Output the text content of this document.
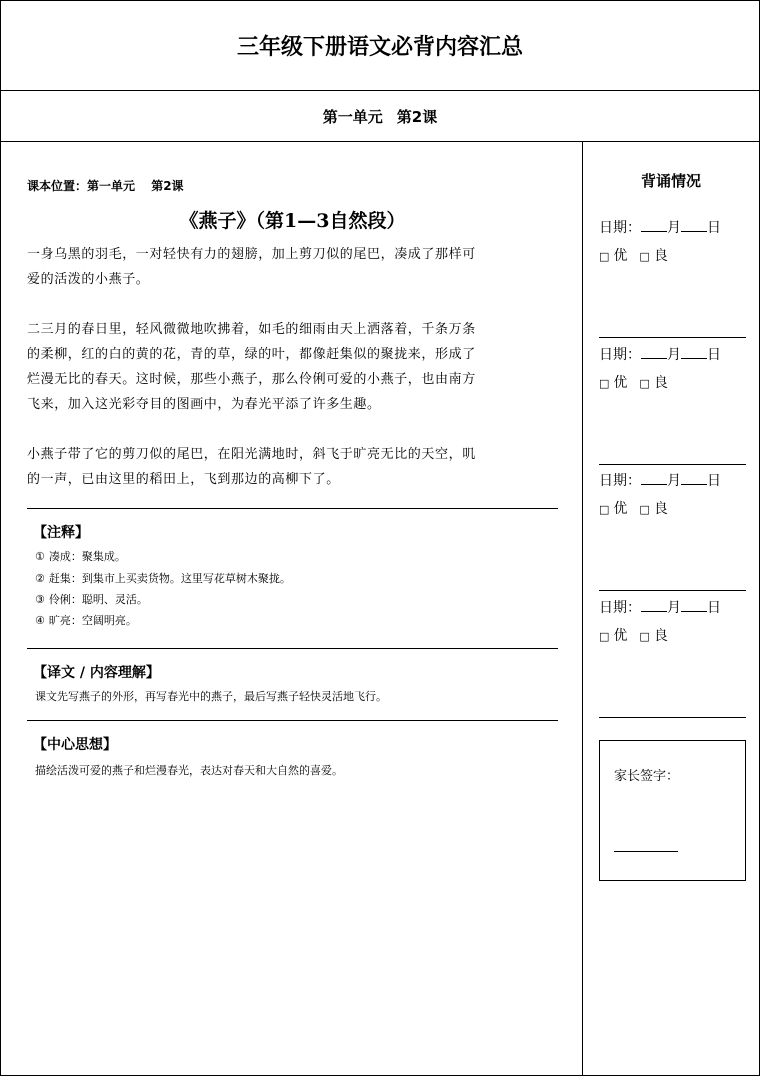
三年级下册语文必背内容汇总
第一单元 第2课
课本位置：第一单元 第2课
《燕子》（第1—3自然段）
一身乌黑的羽毛，一对轻快有力的翅膀，加上剪刀似的尾巴，凑成了那样可
爱的活泼的小燕子。
二三月的春日里，轻风微微地吹拂着，如毛的细雨由天上洒落着，千条万条
的柔柳，红的白的黄的花，青的草，绿的叶，都像赶集似的聚拢来，形成了
烂漫无比的春天。这时候，那些小燕子，那么伶俐可爱的小燕子，也由南方
飞来，加入这光彩夺目的图画中，为春光平添了许多生趣。
小燕子带了它的剪刀似的尾巴，在阳光满地时，斜飞于旷亮无比的天空，叽
的一声，已由这里的稻田上，飞到那边的高柳下了。
【注释】
① 凑成：聚集成。
② 赶集：到集市上买卖货物。这里写花草树木聚拢。
③ 伶俐：聪明、灵活。
④ 旷亮：空阔明亮。
【译文 / 内容理解】
课文先写燕子的外形，再写春光中的燕子，最后写燕子轻快灵活地飞行。
【中心思想】
描绘活泼可爱的燕子和烂漫春光，表达对春天和大自然的喜爱。
背诵情况
日期： 月 日
□ 优 □ 良
日期： 月 日
□ 优 □ 良
日期： 月 日
□ 优 □ 良
日期： 月 日
□ 优 □ 良
家长签字：
